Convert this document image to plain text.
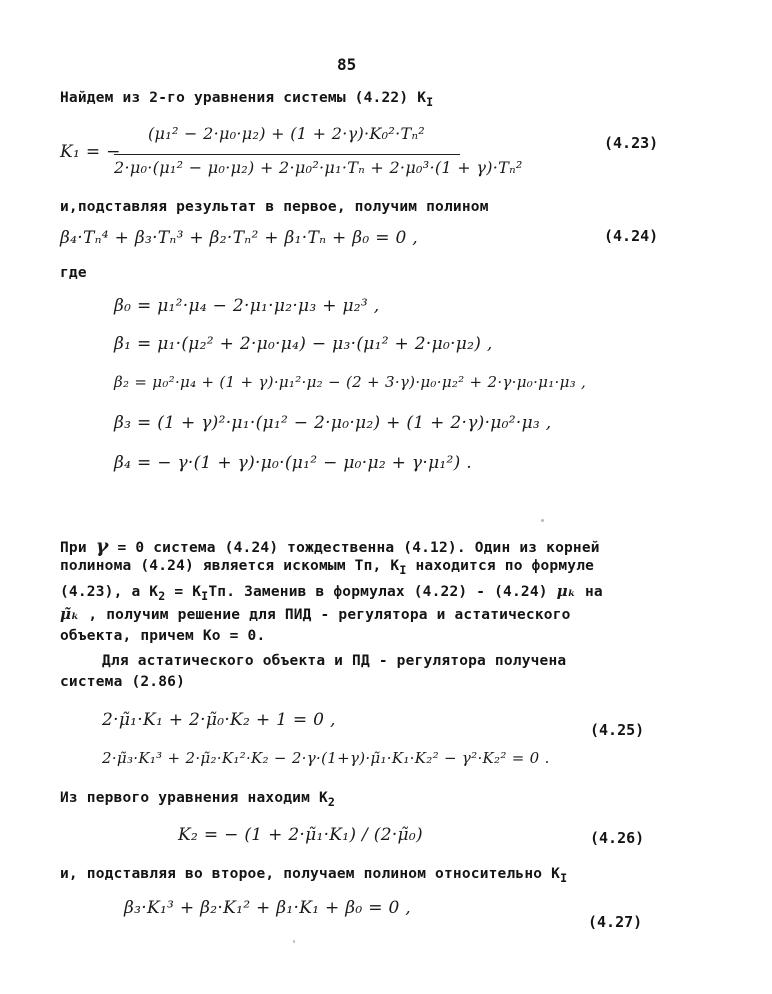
85
Найдем из 2-го уравнения системы (4.22) $K_I$
K₁ = −
(μ₁² − 2·μ₀·μ₂) + (1 + 2·γ)·K₀²·Tₙ²
2·μ₀·(μ₁² − μ₀·μ₂) + 2·μ₀²·μ₁·Tₙ + 2·μ₀³·(1 + γ)·Tₙ²
(4.23)
и,подставляя результат в первое, получим полином
β₄·Tₙ⁴ + β₃·Tₙ³ + β₂·Tₙ² + β₁·Tₙ + β₀ = 0 ,	(4.24)
где
β₀ = μ₁²·μ₄ − 2·μ₁·μ₂·μ₃ + μ₂³ ,
β₁ = μ₁·(μ₂² + 2·μ₀·μ₄) − μ₃·(μ₁² + 2·μ₀·μ₂) ,
β₂ = μ₀²·μ₄ + (1 + γ)·μ₁²·μ₂ − (2 + 3·γ)·μ₀·μ₂² + 2·γ·μ₀·μ₁·μ₃ ,
β₃ = (1 + γ)²·μ₁·(μ₁² − 2·μ₀·μ₂) + (1 + 2·γ)·μ₀²·μ₃ ,
β₄ = − γ·(1 + γ)·μ₀·(μ₁² − μ₀·μ₂ + γ·μ₁²) .
При γ = 0 система (4.24) тождественна (4.12). Один из корней
полинома (4.24) является искомым Тп, $K_I$ находится по формуле
(4.23), а $K_2 = K_IТп$. Заменив в формулах (4.22) - (4.24) μₖ на
μ̃ₖ , получим решение для ПИД - регулятора и астатического
объекта, причем Ko = 0.
Для астатического объекта и ПД - регулятора получена
система (2.86)
2·μ̃₁·K₁ + 2·μ̃₀·K₂ + 1 = 0 ,	(4.25)
2·μ̃₃·K₁³ + 2·μ̃₂·K₁²·K₂ − 2·γ·(1+γ)·μ̃₁·K₁·K₂² − γ²·K₂² = 0 .
Из первого уравнения находим $K_2$
K₂ = − (1 + 2·μ̃₁·K₁) / (2·μ̃₀)	(4.26)
и, подставляя во второе, получаем полином относительно $K_I$
β₃·K₁³ + β₂·K₁² + β₁·K₁ + β₀ = 0 ,
(4.27)
